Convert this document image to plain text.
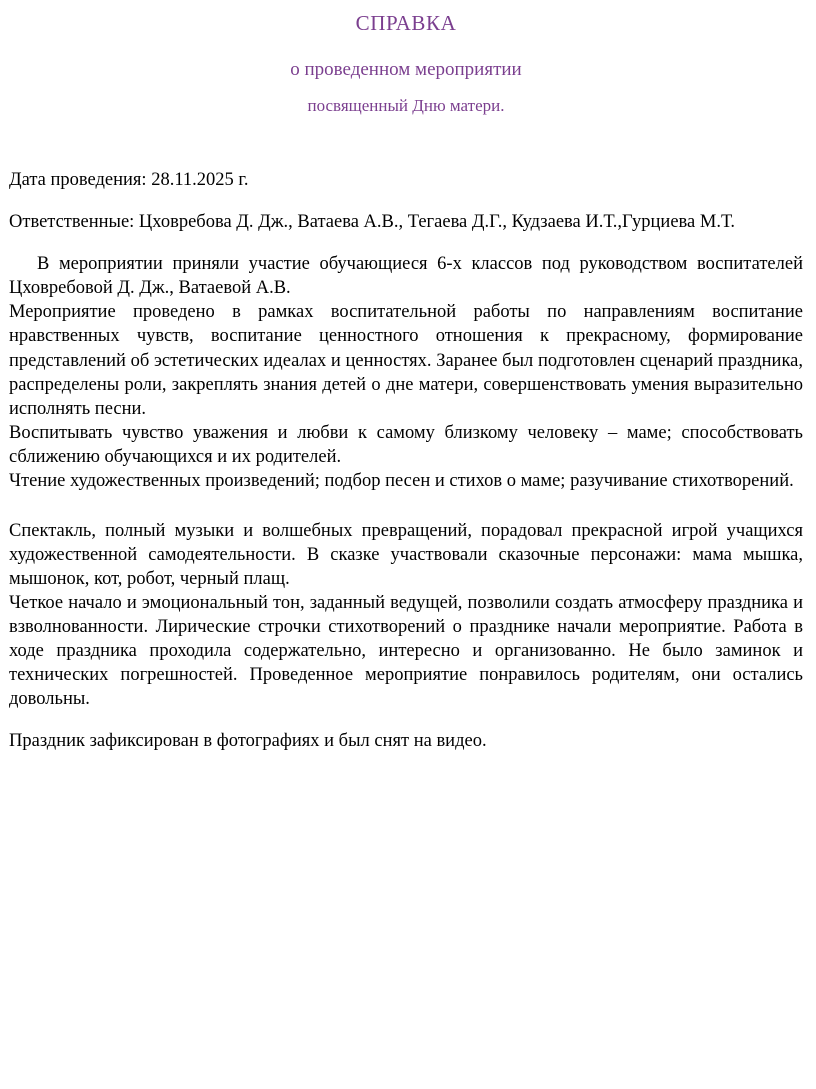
СПРАВКА
о проведенном мероприятии
посвященный Дню матери.

Дата проведения: 28.11.2025 г.

Ответственные: Цховребова Д. Дж., Ватаева А.В., Тегаева Д.Г., Кудзаева И.Т.,Гурциева М.Т.

В мероприятии приняли участие обучающиеся 6-х классов под руководством воспитателей Цховребовой Д. Дж., Ватаевой А.В.

Мероприятие проведено в рамках воспитательной работы по направлениям воспитание нравственных чувств, воспитание ценностного отношения к прекрасному, формирование представлений об эстетических идеалах и ценностях. Заранее был подготовлен сценарий праздника, распределены роли, закреплять знания детей о дне матери, совершенствовать умения выразительно исполнять песни.

Воспитывать чувство уважения и любви к самому близкому человеку – маме; способствовать сближению обучающихся и их родителей.

Чтение художественных произведений; подбор песен и стихов о маме; разучивание стихотворений.

Спектакль, полный музыки и волшебных превращений, порадовал прекрасной игрой учащихся художественной самодеятельности. В сказке участвовали сказочные персонажи: мама мышка, мышонок, кот, робот, черный плащ.

Четкое начало и эмоциональный тон, заданный ведущей, позволили создать атмосферу праздника и взволнованности. Лирические строчки стихотворений о празднике начали мероприятие. Работа в ходе праздника проходила содержательно, интересно и организованно. Не было заминок и технических погрешностей. Проведенное мероприятие понравилось родителям, они остались довольны.

Праздник зафиксирован в фотографиях и был снят на видео.
